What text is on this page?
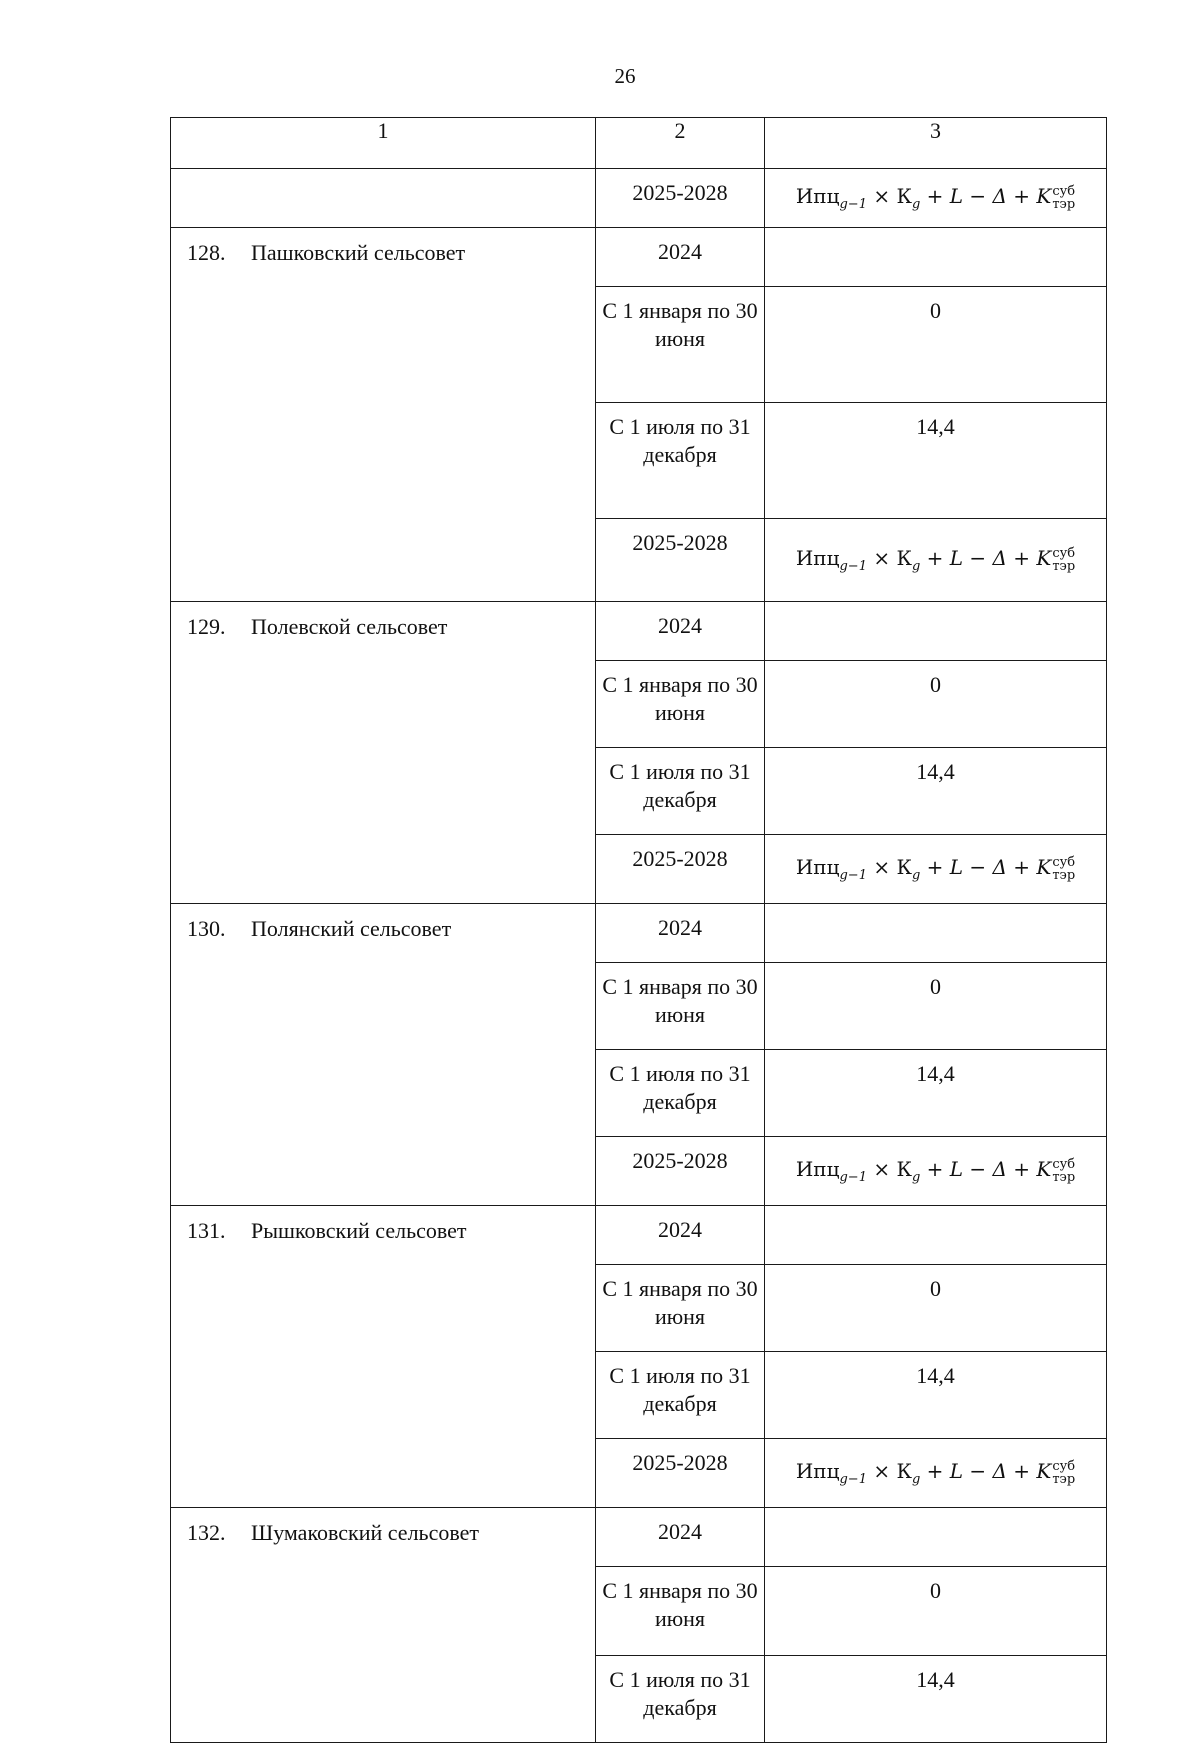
26
1	2	3
	2025-2028	$Ипц_{g-1} \times К_g + L - \Delta + K$ суб
тэр

128. Пашковский сельсовет	2024	
	С 1 января по 30 июня	0
	С 1 июля по 31 декабря	14,4
	2025-2028	$Ипц_{g-1} \times К_g + L - \Delta + K$ суб
тэр

129. Полевской сельсовет	2024	
	С 1 января по 30 июня	0
	С 1 июля по 31 декабря	14,4
	2025-2028	$Ипц_{g-1} \times К_g + L - \Delta + K$ суб
тэр

130. Полянский сельсовет	2024	
	С 1 января по 30 июня	0
	С 1 июля по 31 декабря	14,4
	2025-2028	$Ипц_{g-1} \times К_g + L - \Delta + K$ суб
тэр

131. Рышковский сельсовет	2024	
	С 1 января по 30 июня	0
	С 1 июля по 31 декабря	14,4
	2025-2028	$Ипц_{g-1} \times К_g + L - \Delta + K$ суб
тэр

132. Шумаковский сельсовет	2024	
	С 1 января по 30 июня	0
	С 1 июля по 31 декабря	14,4
